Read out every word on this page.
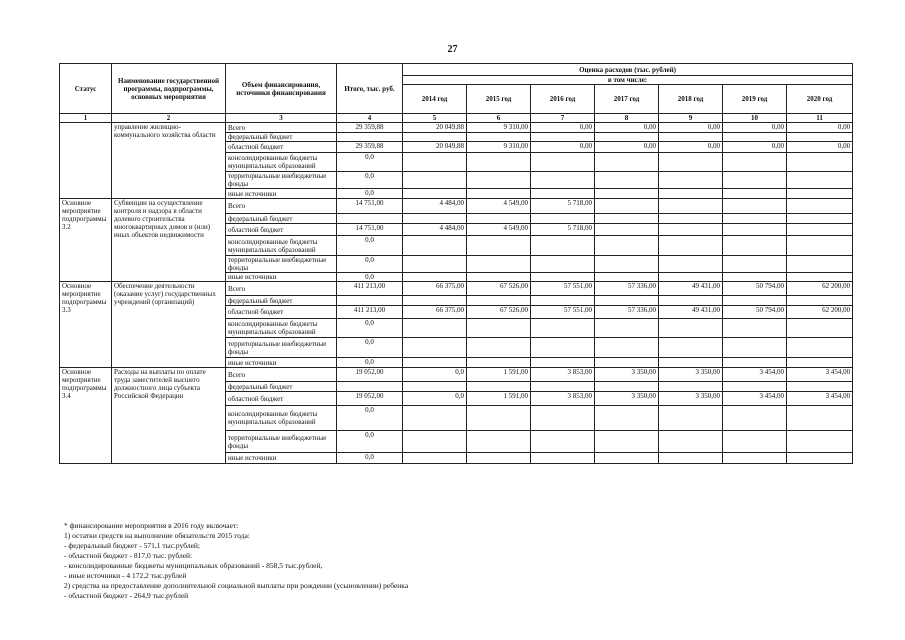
27
Статус	Наименование государственной программы, подпрограммы, основных мероприятия	Объем финансирования, источники финансирования	Итого, тыс. руб.	Оценка расходов (тыс. рублей)						
				в том числе:						
				2014 год	2015 год	2016 год	2017 год	2018 год	2019 год	2020 год
1	2	3	4	5	6	7	8	9	10	11
	управление жилищно-коммунального хозяйства области	Всего	29 359,88	20 049,88	9 310,00	0,00	0,00	0,00	0,00	0,00
		федеральный бюджет								
		областной бюджет	29 359,88	20 049,88	9 310,00	0,00	0,00	0,00	0,00	0,00
		консолидированные бюджеты муниципальных образований	0,0							
		территориальные внебюджетные фонды	0,0							
		иные источники	0,0							
Основное мероприятие подпрограммы 3.2	Субвенции на осуществление контроля и надзора в области долевого строительства многоквартирных домов и (или) иных объектов недвижимости	Всего	14 751,00	4 484,00	4 549,00	5 718,00				
		федеральный бюджет								
		областной бюджет	14 751,00	4 484,00	4 549,00	5 718,00				
		консолидированные бюджеты муниципальных образований	0,0							
		территориальные внебюджетные фонды	0,0							
		иные источники	0,0							
Основное мероприятие подпрограммы 3.3	Обеспечение деятельности (оказание услуг) государственных учреждений (организаций)	Всего	411 213,00	66 375,00	67 526,00	57 551,00	57 336,00	49 431,00	50 794,00	62 200,00
		федеральный бюджет								
		областной бюджет	411 213,00	66 375,00	67 526,00	57 551,00	57 336,00	49 431,00	50 794,00	62 200,00
		консолидированные бюджеты муниципальных образований	0,0							
		территориальные внебюджетные фонды	0,0							
		иные источники	0,0							
Основное мероприятие подпрограммы 3.4	Расходы на выплаты по оплате труда заместителей высшего должностного лица субъекта Российской Федерации	Всего	19 052,00	0,0	1 591,00	3 853,00	3 350,00	3 350,00	3 454,00	3 454,00
		федеральный бюджет								
		областной бюджет	19 052,00	0,0	1 591,00	3 853,00	3 350,00	3 350,00	3 454,00	3 454,00
		консолидированные бюджеты муниципальных образований	0,0							
		территориальные внебюджетные фонды	0,0							
		иные источники	0,0							
* финансирование мероприятия в 2016 году включает:
1) остатки средств на выполнение обязательств 2015 года:
- федеральный бюджет - 571,1 тыс.рублей;
- областной бюджет - 817,0 тыс. рублей:
- консолидированные бюджеты муниципальных образований - 858,5 тыс.рублей,
- иные источники - 4 172,2 тыс.рублей
2) средства на предоставление дополнительной социальной выплаты при рождении (усыновлении) ребенка
- областной бюджет - 264,9 тыс.рублей
